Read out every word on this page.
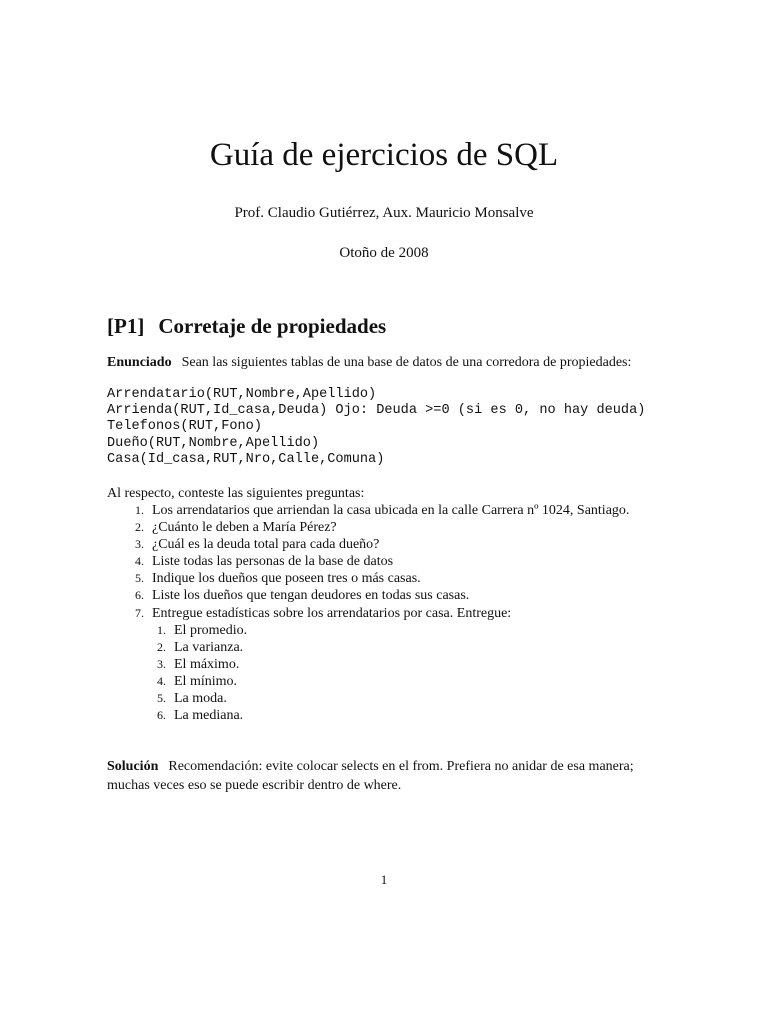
Guía de ejercicios de SQL
Prof. Claudio Gutiérrez, Aux. Mauricio Monsalve
Otoño de 2008
[P1] Corretaje de propiedades
Enunciado Sean las siguientes tablas de una base de datos de una corredora de propiedades:
Arrendatario(RUT,Nombre,Apellido)
Arrienda(RUT,Id_casa,Deuda) Ojo: Deuda >=0 (si es 0, no hay deuda)
Telefonos(RUT,Fono)
Dueño(RUT,Nombre,Apellido)
Casa(Id_casa,RUT,Nro,Calle,Comuna)
Al respecto, conteste las siguientes preguntas:
1. Los arrendatarios que arriendan la casa ubicada en la calle Carrera nº 1024, Santiago.
2. ¿Cuánto le deben a María Pérez?
3. ¿Cuál es la deuda total para cada dueño?
4. Liste todas las personas de la base de datos
5. Indique los dueños que poseen tres o más casas.
6. Liste los dueños que tengan deudores en todas sus casas.
7. Entregue estadísticas sobre los arrendatarios por casa. Entregue:
1. El promedio.
2. La varianza.
3. El máximo.
4. El mínimo.
5. La moda.
6. La mediana.
Solución Recomendación: evite colocar selects en el from. Prefiera no anidar de esa manera; muchas veces eso se puede escribir dentro de where.
1
